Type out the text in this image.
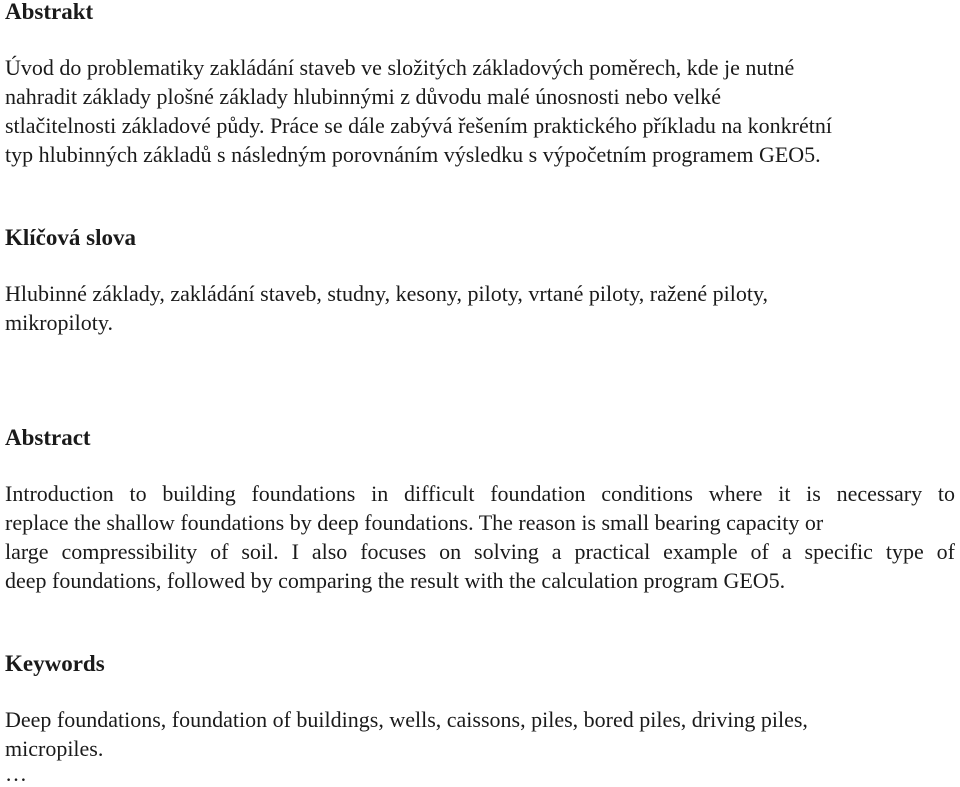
Abstrakt

Úvod do problematiky zakládání staveb ve složitých základových poměrech, kde je nutné
nahradit základy plošné základy hlubinnými z důvodu malé únosnosti nebo velké
stlačitelnosti základové půdy. Práce se dále zabývá řešením praktického příkladu na konkrétní
typ hlubinných základů s následným porovnáním výsledku s výpočetním programem GEO5.

Klíčová slova

Hlubinné základy, zakládání staveb, studny, kesony, piloty, vrtané piloty, ražené piloty,
mikropiloty.

Abstract

Introduction to building foundations in difficult foundation conditions where it is necessary to
replace the shallow foundations by deep foundations. The reason is small bearing capacity or
large compressibility of soil. I also focuses on solving a practical example of a specific type of
deep foundations, followed by comparing the result with the calculation program GEO5.

Keywords

Deep foundations, foundation of buildings, wells, caissons, piles, bored piles, driving piles,
micropiles.

…
